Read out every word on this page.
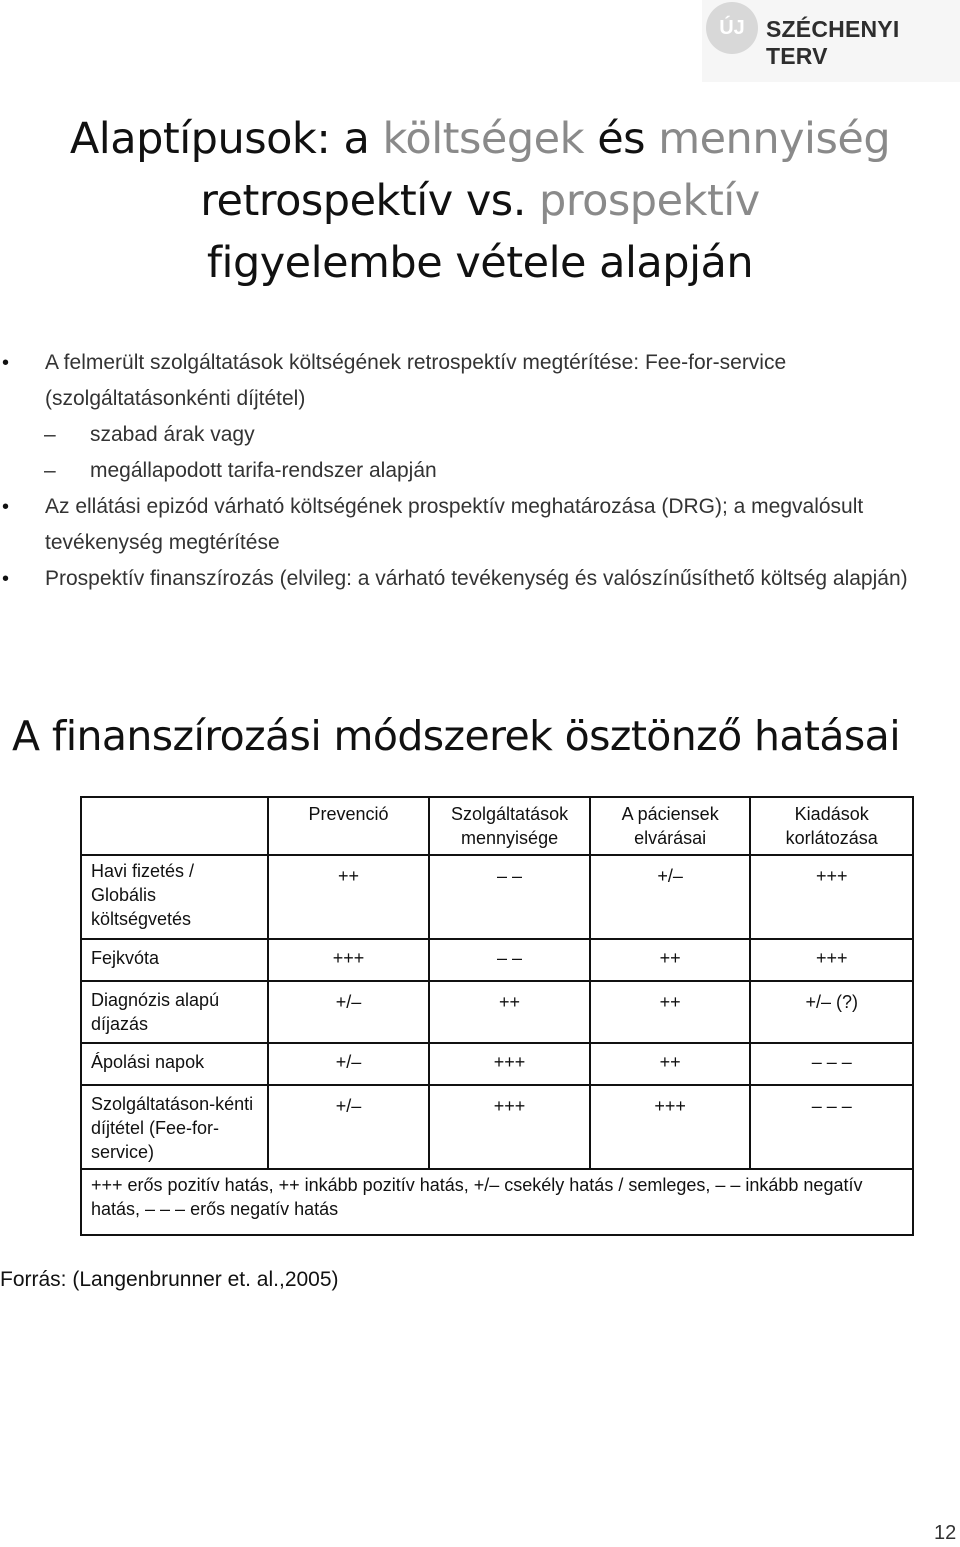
ÚJ SZÉCHENYI TERV
Alaptípusok: a költségek és mennyiség
retrospektív vs. prospektív
figyelembe vétele alapján
• A felmerült szolgáltatások költségének retrospektív megtérítése: Fee-for-service (szolgáltatásonkénti díjtétel)
– szabad árak vagy
– megállapodott tarifa-rendszer alapján
• Az ellátási epizód várható költségének prospektív meghatározása (DRG); a megvalósult tevékenység megtérítése
• Prospektív finanszírozás (elvileg: a várható tevékenység és valószínűsíthető költség alapján)
A finanszírozási módszerek ösztönző hatásai
	Prevenció	Szolgáltatások mennyisége	A páciensek elvárásai	Kiadások korlátozása
Havi fizetés / Globális költségvetés	++	– –	+/–	+++
Fejkvóta	+++	– –	++	+++
Diagnózis alapú díjazás	+/–	++	++	+/– (?)
Ápolási napok	+/–	+++	++	– – –
Szolgáltatáson-kénti díjtétel (Fee-for-service)	+/–	+++	+++	– – –
+++ erős pozitív hatás, ++ inkább pozitív hatás, +/– csekély hatás / semleges, – – inkább negatív hatás, – – – erős negatív hatás				
Forrás: (Langenbrunner et. al.,2005)
12
